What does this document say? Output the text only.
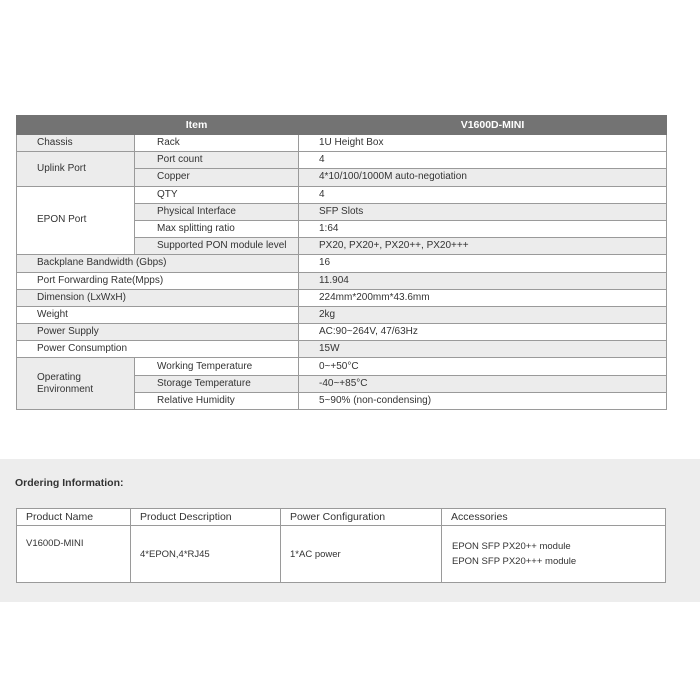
Item		V1600D-MINI
Chassis	Rack	1U Height Box
Uplink Port	Port count	4
	Copper	4*10/100/1000M auto-negotiation
EPON Port	QTY	4
	Physical Interface	SFP Slots
	Max splitting ratio	1:64
	Supported PON module level	PX20, PX20+, PX20++, PX20+++
Backplane Bandwidth (Gbps)		16
Port Forwarding Rate(Mpps)		11.904
Dimension (LxWxH)		224mm*200mm*43.6mm
Weight		2kg
Power Supply		AC:90~264V, 47/63Hz
Power Consumption		15W
Operating Environment	Working Temperature	0~+50°C
	Storage Temperature	-40~+85°C
	Relative Humidity	5~90% (non-condensing)
Ordering Information:
Product Name	Product Description	Power Configuration	Accessories
V1600D-MINI	4*EPON,4*RJ45	1*AC power	EPON SFP PX20++ module
EPON SFP PX20+++ module
